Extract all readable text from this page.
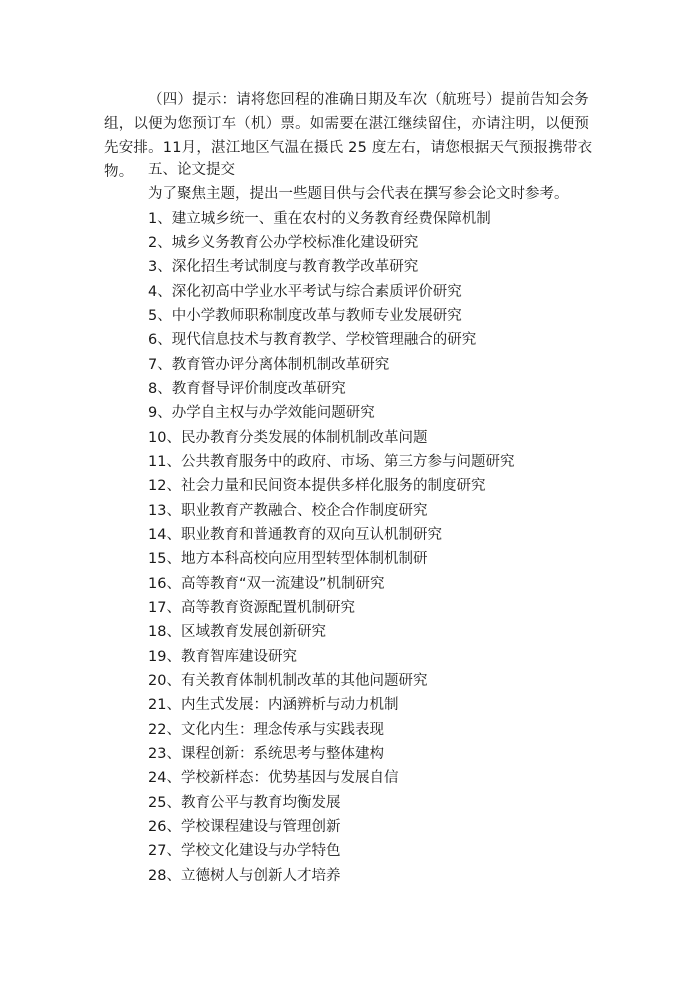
（四）提示：请将您回程的准确日期及车次（航班号）提前告知会务组，以便为您预订车（机）票。如需要在湛江继续留住，亦请注明，以便预先安排。11月，湛江地区气温在摄氏 25 度左右，请您根据天气预报携带衣物。	五、论文提交
为了聚焦主题，提出一些题目供与会代表在撰写参会论文时参考。
1、建立城乡统一、重在农村的义务教育经费保障机制
2、城乡义务教育公办学校标准化建设研究
3、深化招生考试制度与教育教学改革研究
4、深化初高中学业水平考试与综合素质评价研究
5、中小学教师职称制度改革与教师专业发展研究
6、现代信息技术与教育教学、学校管理融合的研究
7、教育管办评分离体制机制改革研究
8、教育督导评价制度改革研究
9、办学自主权与办学效能问题研究
10、民办教育分类发展的体制机制改革问题
11、公共教育服务中的政府、市场、第三方参与问题研究
12、社会力量和民间资本提供多样化服务的制度研究
13、职业教育产教融合、校企合作制度研究
14、职业教育和普通教育的双向互认机制研究
15、地方本科高校向应用型转型体制机制研
16、高等教育“双一流建设”机制研究
17、高等教育资源配置机制研究
18、区域教育发展创新研究
19、教育智库建设研究
20、有关教育体制机制改革的其他问题研究
21、内生式发展：内涵辨析与动力机制
22、文化内生：理念传承与实践表现
23、课程创新：系统思考与整体建构
24、学校新样态：优势基因与发展自信
25、教育公平与教育均衡发展
26、学校课程建设与管理创新
27、学校文化建设与办学特色
28、立德树人与创新人才培养
